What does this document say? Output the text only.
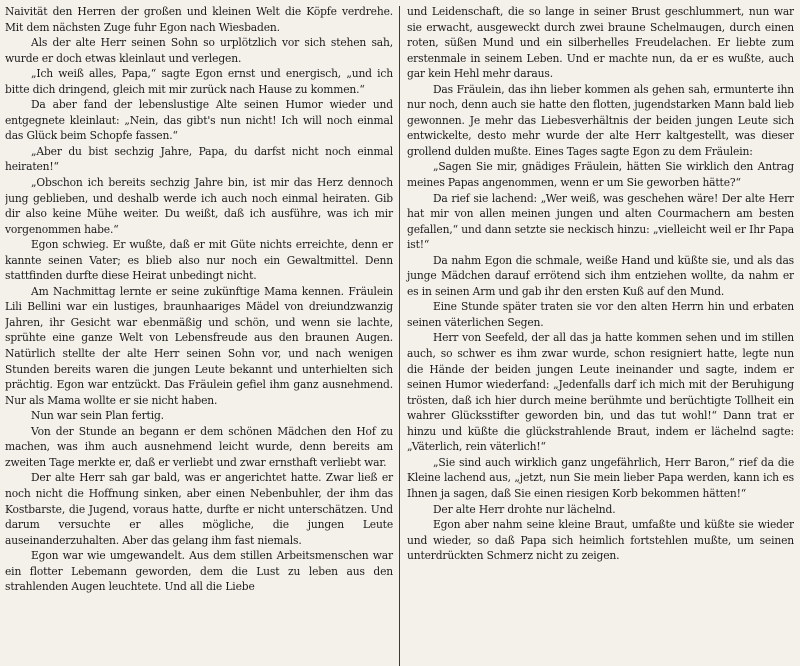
Naivität den Herren der großen und kleinen Welt die Köpfe verdrehe. Mit dem nächsten Zuge fuhr Egon nach Wiesbaden.

Als der alte Herr seinen Sohn so urplötzlich vor sich stehen sah, wurde er doch etwas kleinlaut und verlegen.

„Ich weiß alles, Papa,“ sagte Egon ernst und energisch, „und ich bitte dich dringend, gleich mit mir zurück nach Hause zu kommen.“

Da aber fand der lebenslustige Alte seinen Humor wieder und entgegnete kleinlaut: „Nein, das gibt's nun nicht! Ich will noch einmal das Glück beim Schopfe fassen.“

„Aber du bist sechzig Jahre, Papa, du darfst nicht noch einmal heiraten!“

„Obschon ich bereits sechzig Jahre bin, ist mir das Herz dennoch jung geblieben, und deshalb werde ich auch noch einmal heiraten. Gib dir also keine Mühe weiter. Du weißt, daß ich ausführe, was ich mir vorgenommen habe.“

Egon schwieg. Er wußte, daß er mit Güte nichts erreichte, denn er kannte seinen Vater; es blieb also nur noch ein Gewaltmittel. Denn stattfinden durfte diese Heirat unbedingt nicht.

Am Nachmittag lernte er seine zukünftige Mama kennen. Fräulein Lili Bellini war ein lustiges, braunhaariges Mädel von dreiundzwanzig Jahren, ihr Gesicht war ebenmäßig und schön, und wenn sie lachte, sprühte eine ganze Welt von Lebensfreude aus den braunen Augen. Natürlich stellte der alte Herr seinen Sohn vor, und nach wenigen Stunden bereits waren die jungen Leute bekannt und unterhielten sich prächtig. Egon war entzückt. Das Fräulein gefiel ihm ganz ausnehmend. Nur als Mama wollte er sie nicht haben.

Nun war sein Plan fertig.

Von der Stunde an begann er dem schönen Mädchen den Hof zu machen, was ihm auch ausnehmend leicht wurde, denn bereits am zweiten Tage merkte er, daß er verliebt und zwar ernsthaft verliebt war.

Der alte Herr sah gar bald, was er angerichtet hatte. Zwar ließ er noch nicht die Hoffnung sinken, aber einen Nebenbuhler, der ihm das Kostbarste, die Jugend, voraus hatte, durfte er nicht unterschätzen. Und darum versuchte er alles mögliche, die jungen Leute auseinanderzuhalten. Aber das gelang ihm fast niemals.

Egon war wie umgewandelt. Aus dem stillen Arbeitsmenschen war ein flotter Lebemann geworden, dem die Lust zu leben aus den strahlenden Augen leuchtete. Und all die Liebe

und Leidenschaft, die so lange in seiner Brust geschlummert, nun war sie erwacht, ausgeweckt durch zwei braune Schelmaugen, durch einen roten, süßen Mund und ein silberhelles Freudelachen. Er liebte zum erstenmale in seinem Leben. Und er machte nun, da er es wußte, auch gar kein Hehl mehr daraus.

Das Fräulein, das ihn lieber kommen als gehen sah, ermunterte ihn nur noch, denn auch sie hatte den flotten, jugendstarken Mann bald lieb gewonnen. Je mehr das Liebesverhältnis der beiden jungen Leute sich entwickelte, desto mehr wurde der alte Herr kaltgestellt, was dieser grollend dulden mußte. Eines Tages sagte Egon zu dem Fräulein:

„Sagen Sie mir, gnädiges Fräulein, hätten Sie wirklich den Antrag meines Papas angenommen, wenn er um Sie geworben hätte?“

Da rief sie lachend: „Wer weiß, was geschehen wäre! Der alte Herr hat mir von allen meinen jungen und alten Courmachern am besten gefallen,“ und dann setzte sie neckisch hinzu: „vielleicht weil er Ihr Papa ist!“

Da nahm Egon die schmale, weiße Hand und küßte sie, und als das junge Mädchen darauf errötend sich ihm entziehen wollte, da nahm er es in seinen Arm und gab ihr den ersten Kuß auf den Mund.

Eine Stunde später traten sie vor den alten Herrn hin und erbaten seinen väterlichen Segen.

Herr von Seefeld, der all das ja hatte kommen sehen und im stillen auch, so schwer es ihm zwar wurde, schon resigniert hatte, legte nun die Hände der beiden jungen Leute ineinander und sagte, indem er seinen Humor wiederfand: „Jedenfalls darf ich mich mit der Beruhigung trösten, daß ich hier durch meine berühmte und berüchtigte Tollheit ein wahrer Glücksstifter geworden bin, und das tut wohl!“ Dann trat er hinzu und küßte die glückstrahlende Braut, indem er lächelnd sagte: „Väterlich, rein väterlich!“

„Sie sind auch wirklich ganz ungefährlich, Herr Baron,“ rief da die Kleine lachend aus, „jetzt, nun Sie mein lieber Papa werden, kann ich es Ihnen ja sagen, daß Sie einen riesigen Korb bekommen hätten!“

Der alte Herr drohte nur lächelnd.

Egon aber nahm seine kleine Braut, umfaßte und küßte sie wieder und wieder, so daß Papa sich heimlich fortstehlen mußte, um seinen unterdrückten Schmerz nicht zu zeigen.
